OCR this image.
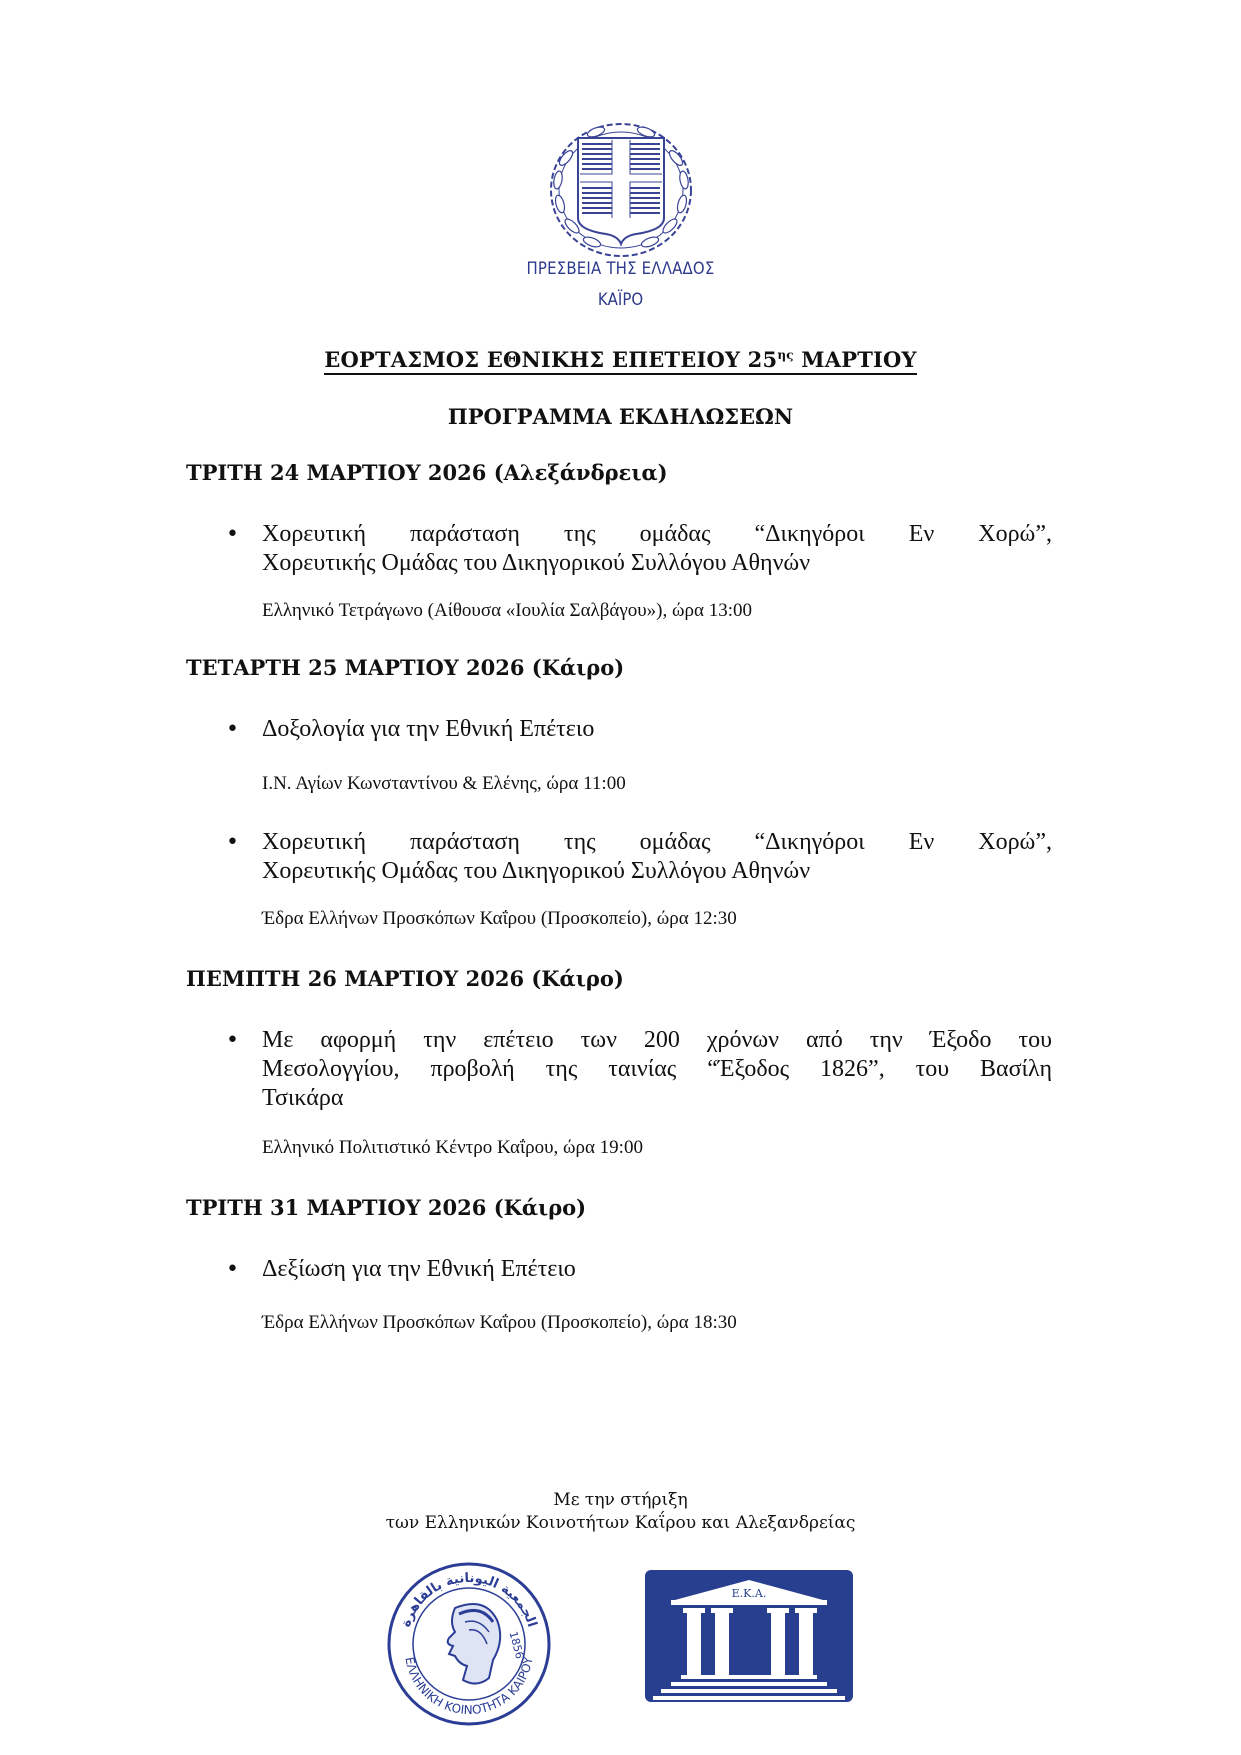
ΠΡΕΣΒΕΙΑ ΤΗΣ ΕΛΛΑΔΟΣ
ΚΑΪΡΟ
ΕΟΡΤΑΣΜΟΣ ΕΘΝΙΚΗΣ ΕΠΕΤΕΙΟΥ $25^{\eta\varsigma}$ ΜΑΡΤΙΟΥ
ΠΡΟΓΡΑΜΜΑ ΕΚΔΗΛΩΣΕΩΝ
ΤΡΙΤΗ 24 ΜΑΡΤΙΟΥ 2026 (Αλεξάνδρεια)
• Χορευτική παράσταση της ομάδας “Δικηγόροι Εν Χορώ”,
Χορευτικής Ομάδας του Δικηγορικού Συλλόγου Αθηνών
Ελληνικό Τετράγωνο (Αίθουσα «Ιουλία Σαλβάγου»), ώρα 13:00
ΤΕΤΑΡΤΗ 25 ΜΑΡΤΙΟΥ 2026 (Κάιρο)
• Δοξολογία για την Εθνική Επέτειο
Ι.Ν. Αγίων Κωνσταντίνου & Ελένης, ώρα 11:00
• Χορευτική παράσταση της ομάδας “Δικηγόροι Εν Χορώ”,
Χορευτικής Ομάδας του Δικηγορικού Συλλόγου Αθηνών
Έδρα Ελλήνων Προσκόπων Καΐρου (Προσκοπείο), ώρα 12:30
ΠΕΜΠΤΗ 26 ΜΑΡΤΙΟΥ 2026 (Κάιρο)
• Με αφορμή την επέτειο των 200 χρόνων από την Έξοδο του
Μεσολογγίου, προβολή της ταινίας “Έξοδος 1826”, του Βασίλη
Τσικάρα
Ελληνικό Πολιτιστικό Κέντρο Καΐρου, ώρα 19:00
ΤΡΙΤΗ 31 ΜΑΡΤΙΟΥ 2026 (Κάιρο)
• Δεξίωση για την Εθνική Επέτειο
Έδρα Ελλήνων Προσκόπων Καΐρου (Προσκοπείο), ώρα 18:30
Με την στήριξη
των Ελληνικών Κοινοτήτων Καΐρου και Αλεξανδρείας
الجمعية اليونانية بالقاهرة
ΕΛΛΗΝΙΚΗ ΚΟΙΝΟΤΗΤΑ ΚΑΙΡΟΥ
1856
Ε.Κ.Α.
